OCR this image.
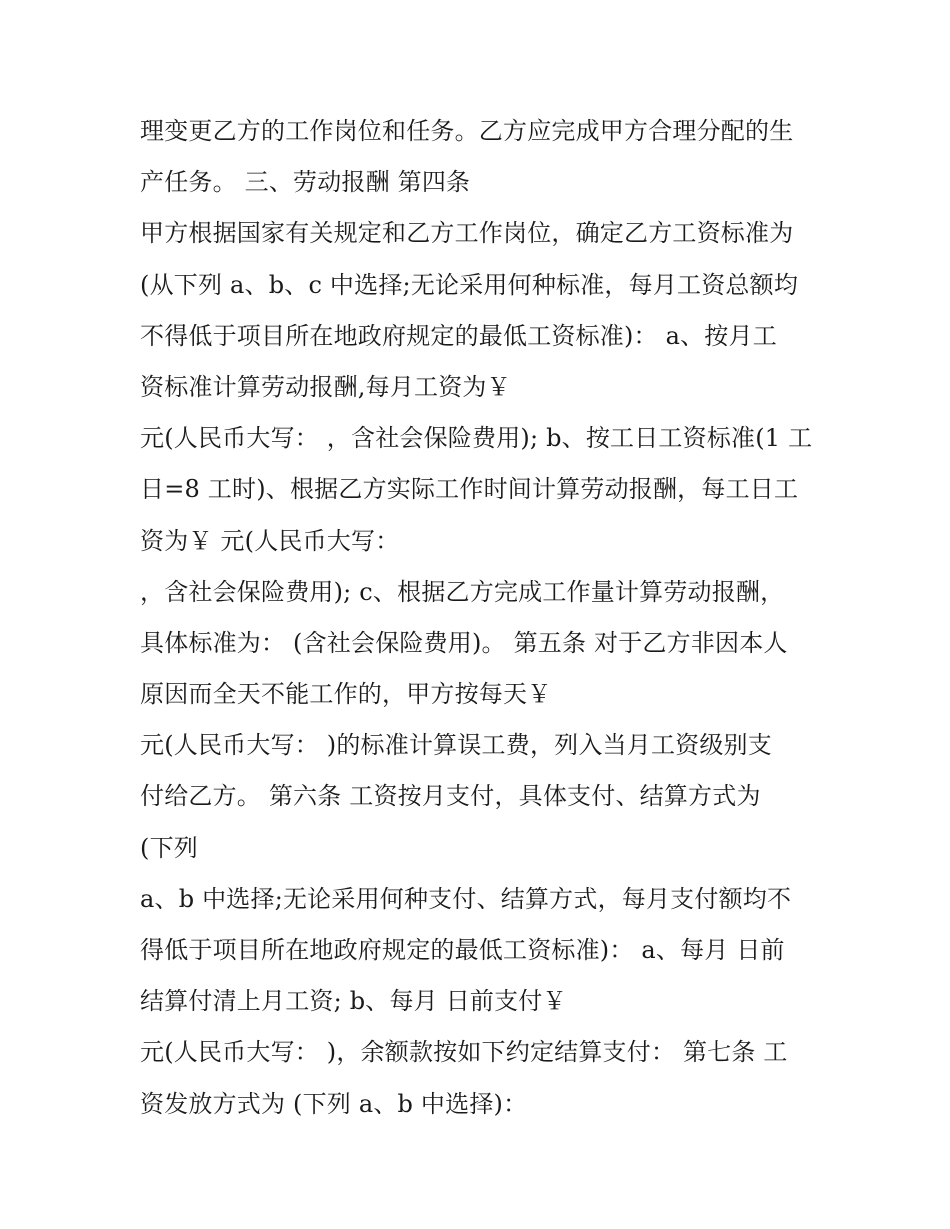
理变更乙方的工作岗位和任务。乙方应完成甲方合理分配的生
产任务。 三、劳动报酬 第四条
甲方根据国家有关规定和乙方工作岗位，确定乙方工资标准为
(从下列 a、b、c 中选择;无论采用何种标准，每月工资总额均
不得低于项目所在地政府规定的最低工资标准)： a、按月工
资标准计算劳动报酬,每月工资为￥
元(人民币大写： ，含社会保险费用); b、按工日工资标准(1 工
日=8 工时)、根据乙方实际工作时间计算劳动报酬，每工日工
资为￥ 元(人民币大写：
，含社会保险费用); c、根据乙方完成工作量计算劳动报酬，
具体标准为： (含社会保险费用)。 第五条 对于乙方非因本人
原因而全天不能工作的，甲方按每天￥
元(人民币大写： )的标准计算误工费，列入当月工资级别支
付给乙方。 第六条 工资按月支付，具体支付、结算方式为
(下列
a、b 中选择;无论采用何种支付、结算方式，每月支付额均不
得低于项目所在地政府规定的最低工资标准)： a、每月 日前
结算付清上月工资; b、每月 日前支付￥
元(人民币大写： )，余额款按如下约定结算支付： 第七条 工
资发放方式为 (下列 a、b 中选择)：
